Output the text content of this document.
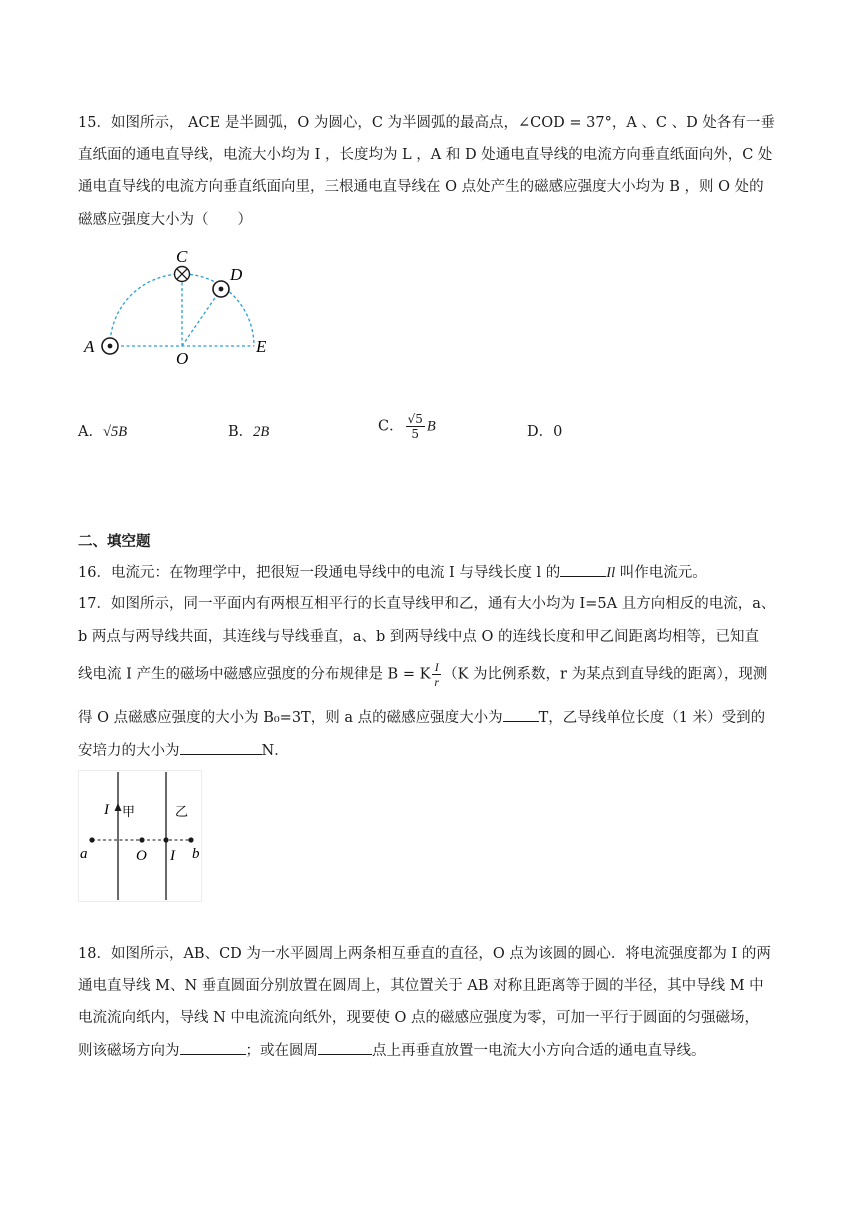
15．如图所示， ACE 是半圆弧，O 为圆心，C 为半圆弧的最高点，∠COD = 37°，A 、C 、D 处各有一垂
直纸面的通电直导线，电流大小均为 I ，长度均为 L ，A 和 D 处通电直导线的电流方向垂直纸面向外，C 处
通电直导线的电流方向垂直纸面向里，三根通电直导线在 O 点处产生的磁感应强度大小均为 B ，则 O 处的
磁感应强度大小为（　　）
C
D
A
O
E
A．√5B	B．2B	C． $\frac{√5}{5}$ B	D．0
二、填空题
16．电流元：在物理学中，把很短一段通电导线中的电流 I 与导线长度 l 的	Il 叫作电流元。
17．如图所示，同一平面内有两根互相平行的长直导线甲和乙，通有大小均为 I=5A 且方向相反的电流，a、
b 两点与两导线共面，其连线与导线垂直，a、b 到两导线中点 O 的连线长度和甲乙间距离均相等，已知直
线电流 I 产生的磁场中磁感应强度的分布规律是 B = K $\frac{I}{r} (K$ 为比例系数，r 为某点到直导线的距离），现测
得 O 点磁感应强度的大小为 B₀=3T，则 a 点的磁感应强度大小为 T，乙导线单位长度（1 米）受到的
安培力的大小为	N．
I 甲	乙
a	O I b
18．如图所示，AB、CD 为一水平圆周上两条相互垂直的直径，O 点为该圆的圆心．将电流强度都为 I 的两
通电直导线 M、N 垂直圆面分别放置在圆周上，其位置关于 AB 对称且距离等于圆的半径，其中导线 M 中
电流流向纸内，导线 N 中电流流向纸外，现要使 O 点的磁感应强度为零，可加一平行于圆面的匀强磁场，
则该磁场方向为	；或在圆周	点上再垂直放置一电流大小方向合适的通电直导线。
